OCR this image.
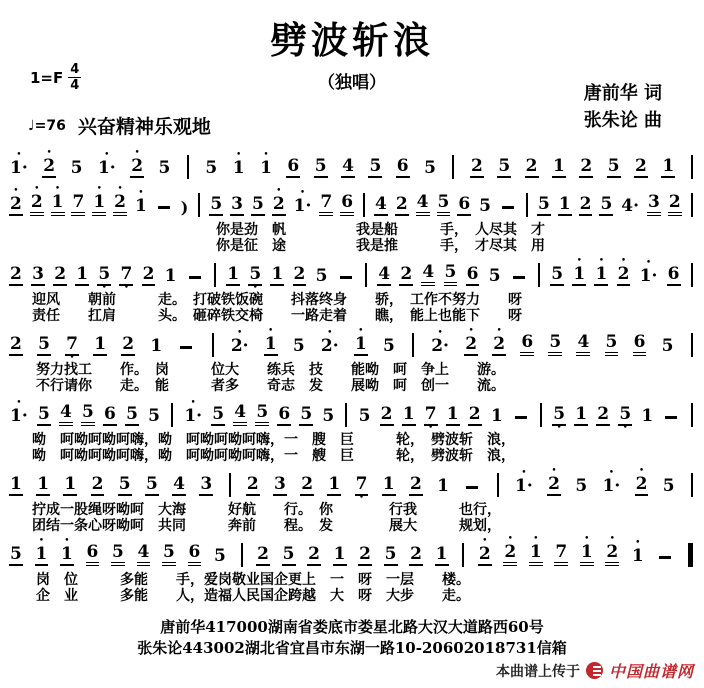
劈波斩浪
（独唱）
$1=F \frac{4}{4}$
唐前华 词
张朱论 曲
♩=76 兴奋精神乐观地
•
1·
•
2 5
•
1·
•
2 5 5
•
1
•
1 6 5 4 5 6 5 2 5 2 1 2 5 2 1
•
2
•
2
•
1 7
•
1
•
2 •
1 ) 5 3 5
•
2
•
1· 7 6 4 2 4 5 6 5	5 1 2 5 4· 3 2
你是劲　帆　　　　　我是船　　　手，　人尽其　才
你是征　途　　　　　我是推　　　手，　才尽其　用
2 3 2 1 5
•
7
•
2 1	1 5
•
1 2 5	4 2 4 5 6 5	5
•
1
•
1
•
2
•
1· 6
迎风　　朝前　　　走。　打破铁饭碗　　抖落终身　　骄，　工作不努力　　呀
责任　　扛肩　　　头。　砸碎铁交椅　　一路走着　　瞧，　能上也能下　　呀
2 5 7
•
1 2 1
•
2·
•
1 5
•
2·
•
1 5
•
2·
•
2
•
2 6 5 4 5 6 5
努力找工　　作。　岗　　　位大　　练兵　技　　能呦　呵　争上　　游。
不行请你　　走。　能　　　者多　　奇志　发　　展呦　呵　创一　　流。
•
1· 5 4 5 6 5 5
•
1· 5 4 5 6 5 5 5 2 1 7
•
1 2 1	5
•
1 2 5
•
1
呦　呵呦呵呦呵嗨，呦　呵呦呵呦呵嗨，一　膄　巨　　　轮，　劈波斩　浪，
呦　呵呦呵呦呵嗨，呦　呵呦呵呦呵嗨，一　艘　巨　　　轮，　劈波斩　浪，
1 1 1 2 5 5 4 3 2 3 2 1 7
•
1 2 1
•
1·
•
2 5
•
1·
•
2 5
拧成一股绳呀呦呵　大海　　　好航　　行。　你　　　　行我　　　也行，
团结一条心呀呦呵　共同　　　奔前　　程。　发　　　　展大　　　规划，
5
•
1
•
1 6 5 4 5 6 5 2 5 2 1 2 5 2 1
•
2
•
2
•
1 7
•
1
•
2 •
1
岗　位　　　多能　　手，爱岗敬业国企更上　一　呀　一层　　楼。
企　业　　　多能　　人，造福人民国企跨越　大　呀　大步　　走。
唐前华417000湖南省娄底市娄星北路大汉大道路西60号
张朱论443002湖北省宜昌市东湖一路10-20602018731信箱
本曲谱上传于 中国曲谱网
